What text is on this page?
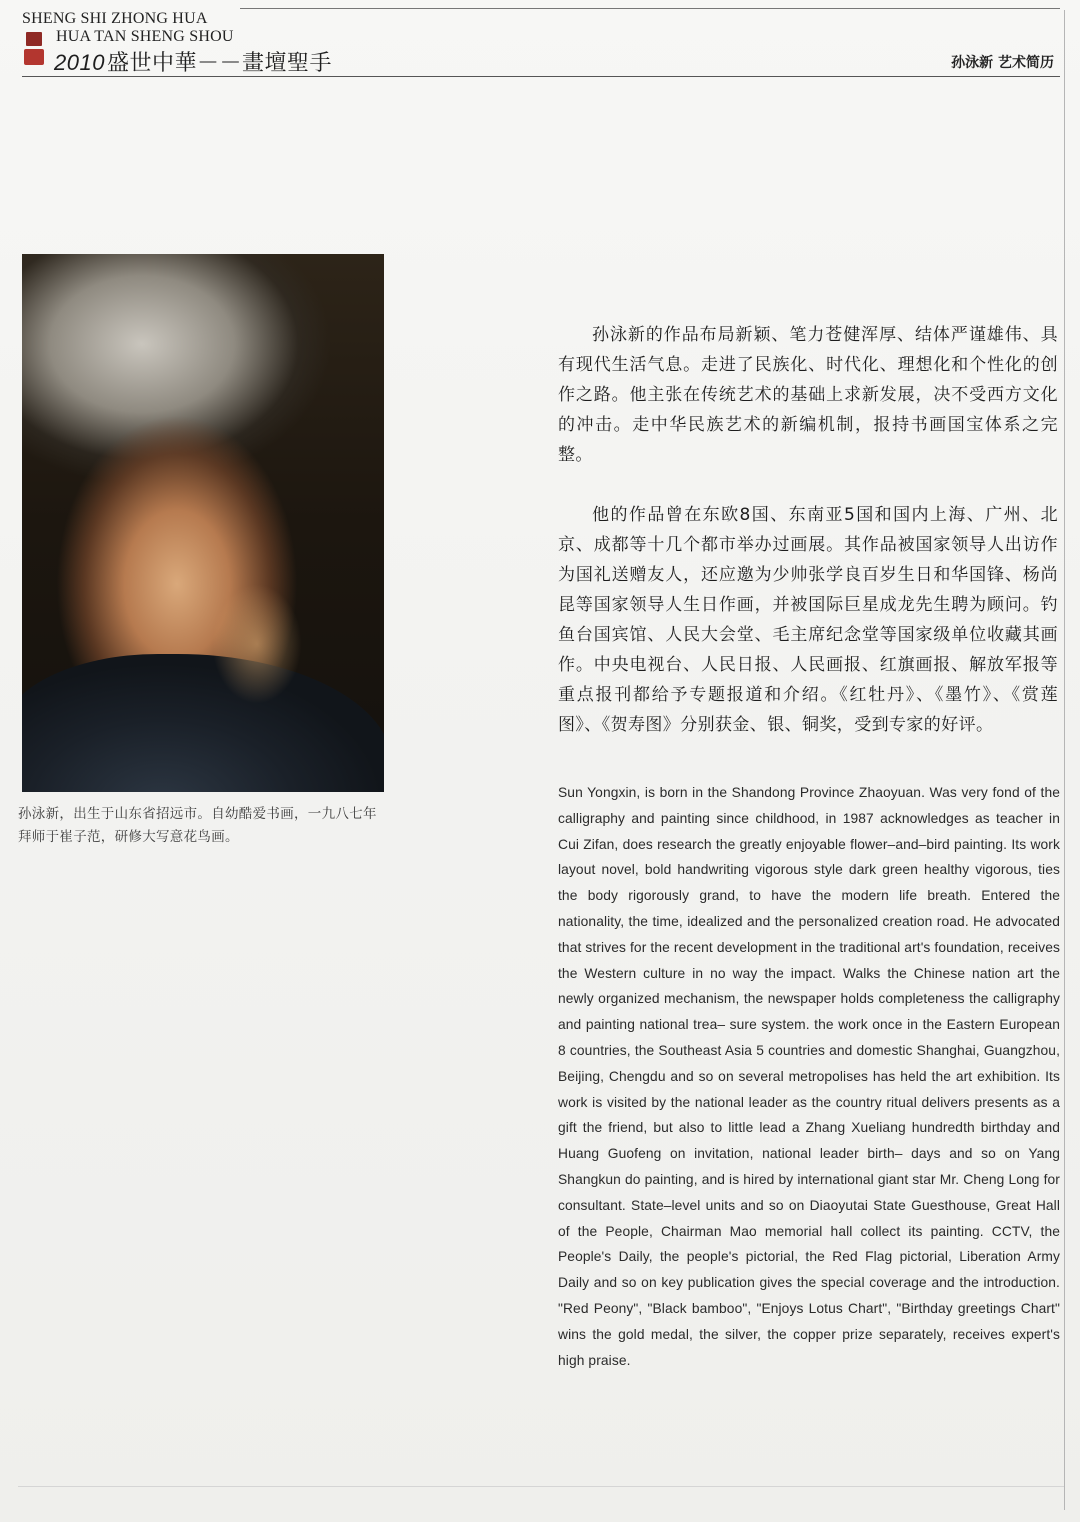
SHENG SHI ZHONG HUA
HUA TAN SHENG SHOU
2010盛世中華－－畫壇聖手	孙泳新 艺术简历
孙泳新，出生于山东省招远市。自幼酷爱书画，一九八七年拜师于崔子范，研修大写意花鸟画。

孙泳新的作品布局新颖、笔力苍健浑厚、结体严谨雄伟、具有现代生活气息。走进了民族化、时代化、理想化和个性化的创作之路。他主张在传统艺术的基础上求新发展，决不受西方文化的冲击。走中华民族艺术的新编机制，报持书画国宝体系之完整。

他的作品曾在东欧8国、东南亚5国和国内上海、广州、北京、成都等十几个都市举办过画展。其作品被国家领导人出访作为国礼送赠友人，还应邀为少帅张学良百岁生日和华国锋、杨尚昆等国家领导人生日作画，并被国际巨星成龙先生聘为顾问。钓鱼台国宾馆、人民大会堂、毛主席纪念堂等国家级单位收藏其画作。中央电视台、人民日报、人民画报、红旗画报、解放军报等重点报刊都给予专题报道和介绍。《红牡丹》、《墨竹》、《赏莲图》、《贺寿图》分别获金、银、铜奖，受到专家的好评。

Sun Yongxin, is born in the Shandong Province Zhaoyuan. Was very fond of the calligraphy and painting since childhood, in 1987 acknowledges as teacher in Cui Zifan, does research the greatly enjoyable flower–and–bird painting. Its work layout novel, bold handwriting vigorous style dark green healthy vigorous, ties the body rigorously grand, to have the modern life breath. Entered the nationality, the time, idealized and the personalized creation road. He advocated that strives for the recent development in the traditional art's foundation, receives the Western culture in no way the impact. Walks the Chinese nation art the newly organized mechanism, the newspaper holds completeness the calligraphy and painting national trea– sure system. the work once in the Eastern European 8 countries, the Southeast Asia 5 countries and domestic Shanghai, Guangzhou, Beijing, Chengdu and so on several metropolises has held the art exhibition. Its work is visited by the national leader as the country ritual delivers presents as a gift the friend, but also to little lead a Zhang Xueliang hundredth birthday and Huang Guofeng on invitation, national leader birth– days and so on Yang Shangkun do painting, and is hired by international giant star Mr. Cheng Long for consultant. State–level units and so on Diaoyutai State Guesthouse, Great Hall of the People, Chairman Mao memorial hall collect its painting. CCTV, the People's Daily, the people's pictorial, the Red Flag pictorial, Liberation Army Daily and so on key publication gives the special coverage and the introduction. "Red Peony", "Black bamboo", "Enjoys Lotus Chart", "Birthday greetings Chart" wins the gold medal, the silver, the copper prize separately, receives expert's high praise.
